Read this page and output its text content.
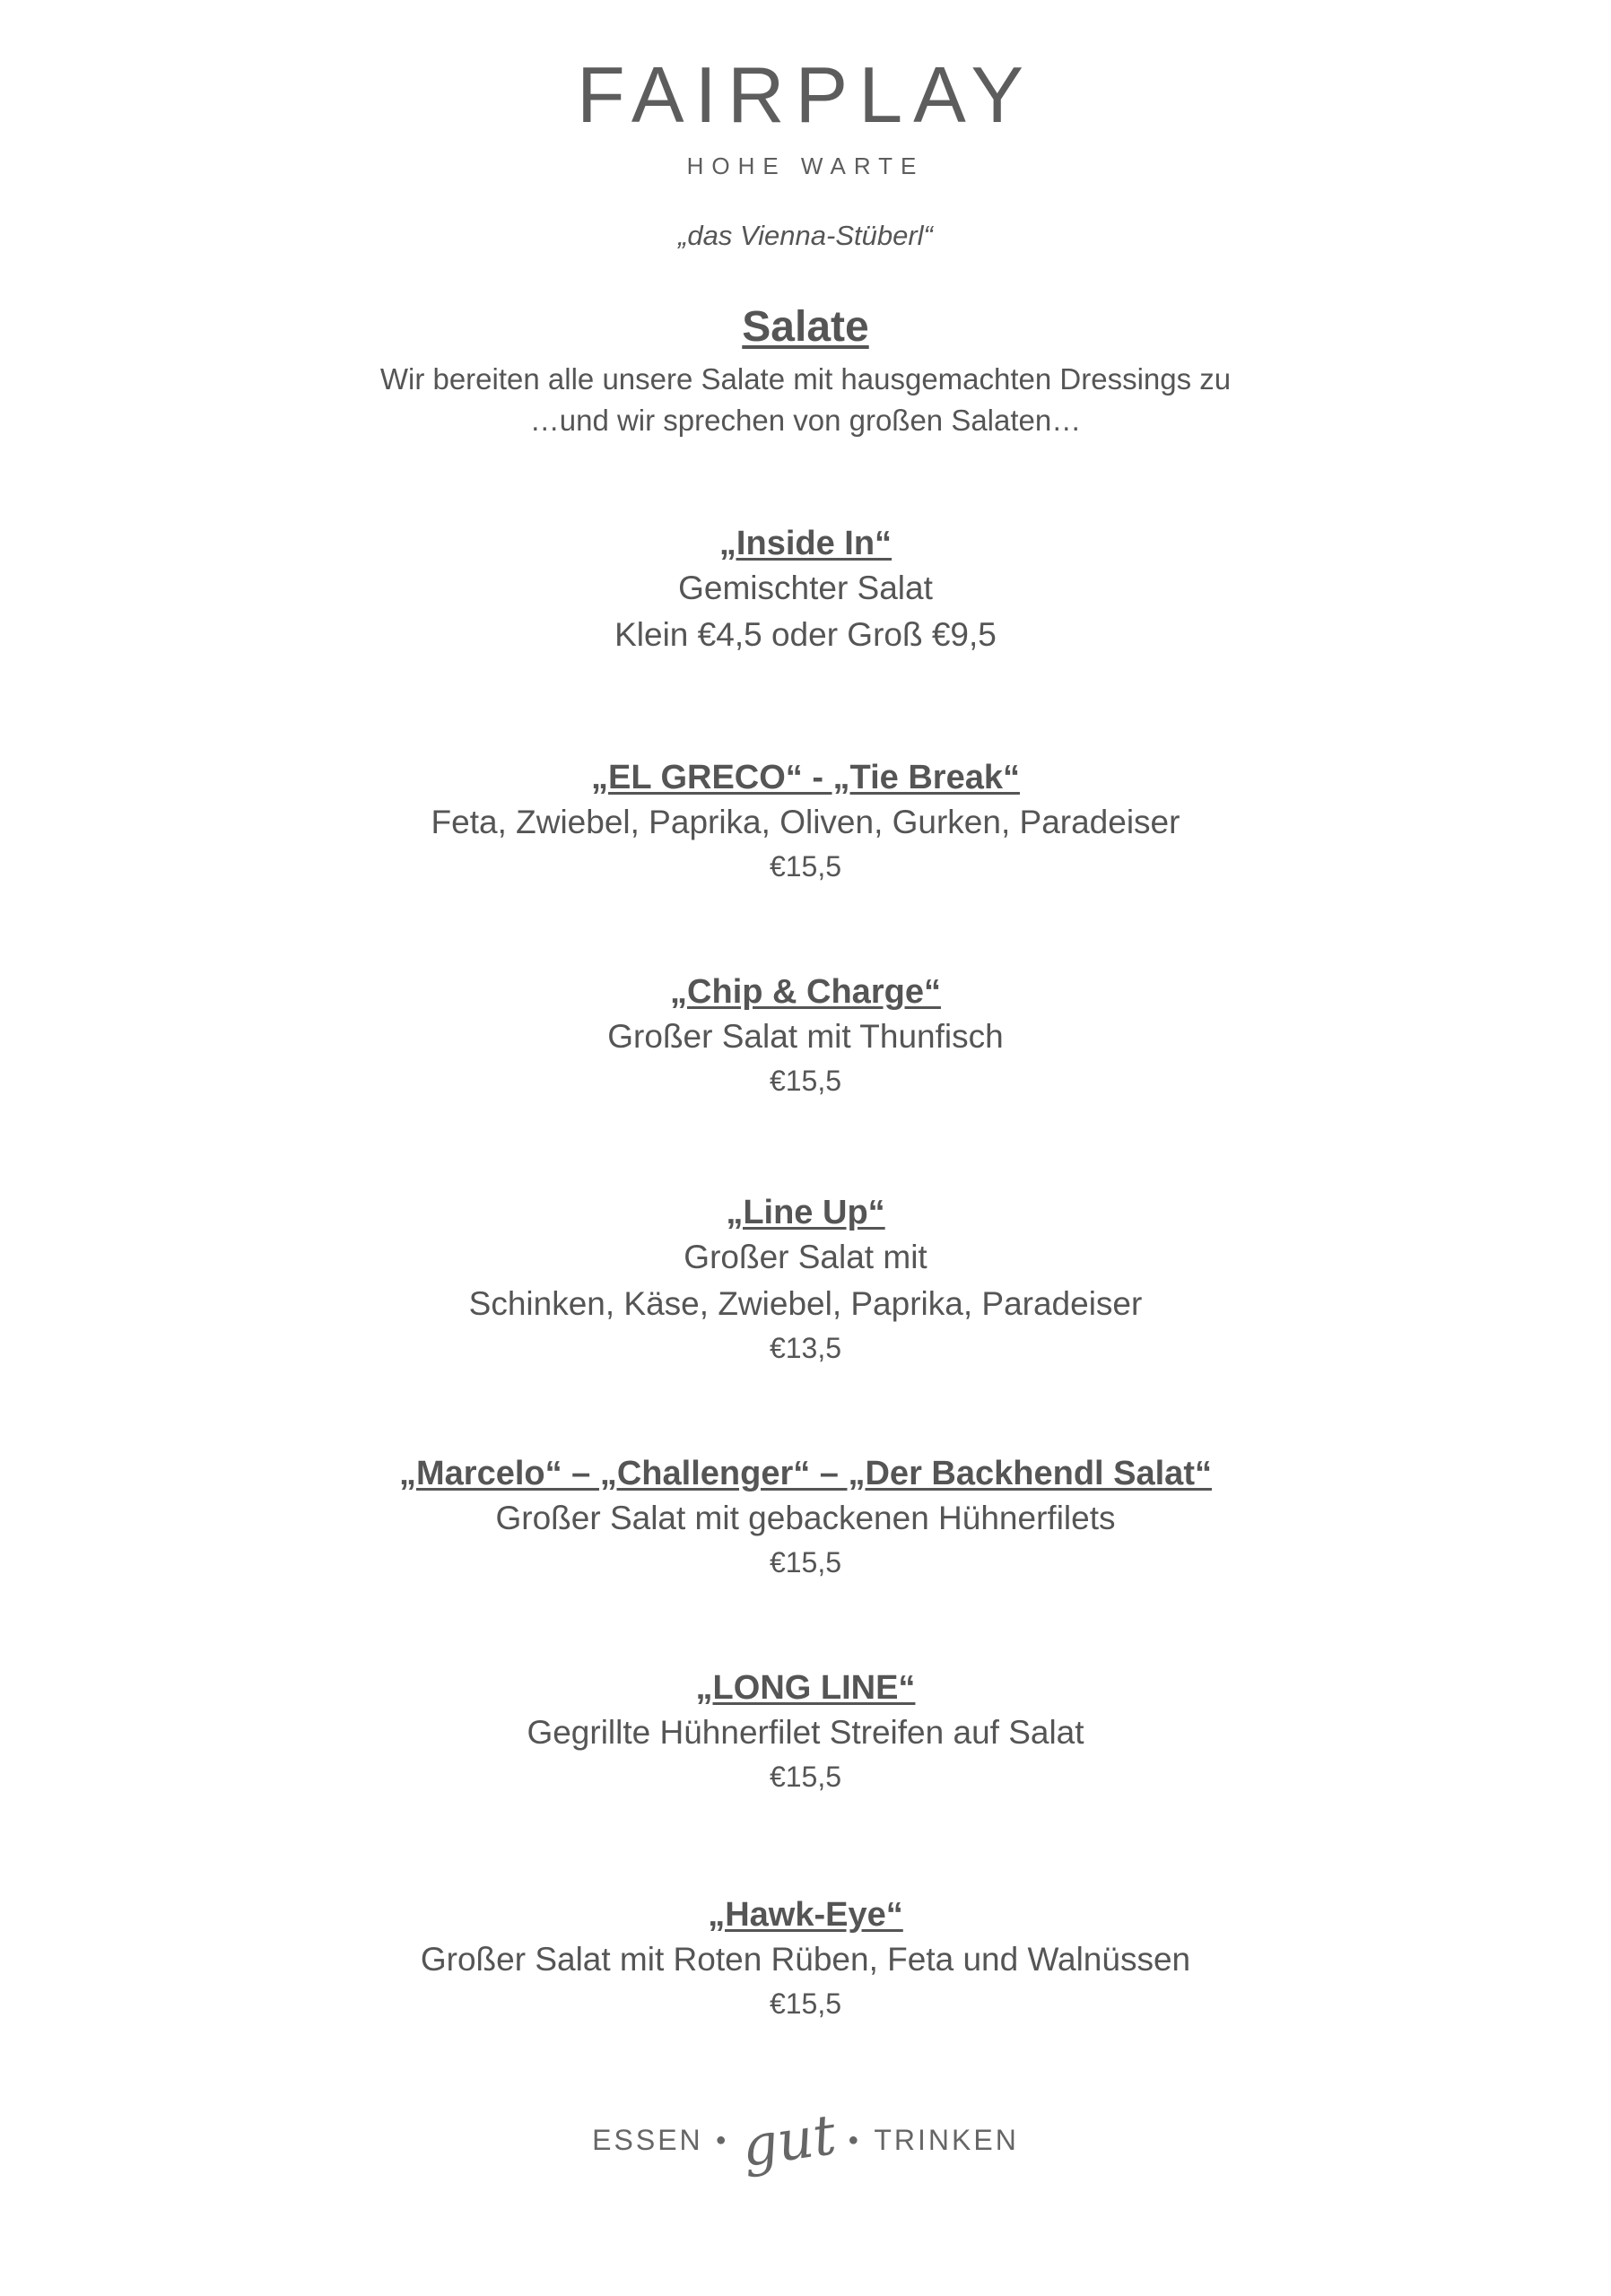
FAIRPLAY
HOHE WARTE
„das Vienna-Stüberl“
Salate
Wir bereiten alle unsere Salate mit hausgemachten Dressings zu
…und wir sprechen von großen Salaten…
„Inside In“
Gemischter Salat
Klein €4,5 oder Groß €9,5
„EL GRECO“ - „Tie Break“
Feta, Zwiebel, Paprika, Oliven, Gurken, Paradeiser
€15,5
„Chip & Charge“
Großer Salat mit Thunfisch
€15,5
„Line Up“
Großer Salat mit
Schinken, Käse, Zwiebel, Paprika, Paradeiser
€13,5
„Marcelo“ – „Challenger“ – „Der Backhendl Salat“
Großer Salat mit gebackenen Hühnerfilets
€15,5
„LONG LINE“
Gegrillte Hühnerfilet Streifen auf Salat
€15,5
„Hawk-Eye“
Großer Salat mit Roten Rüben, Feta und Walnüssen
€15,5
ESSEN ● gut ● TRINKEN
